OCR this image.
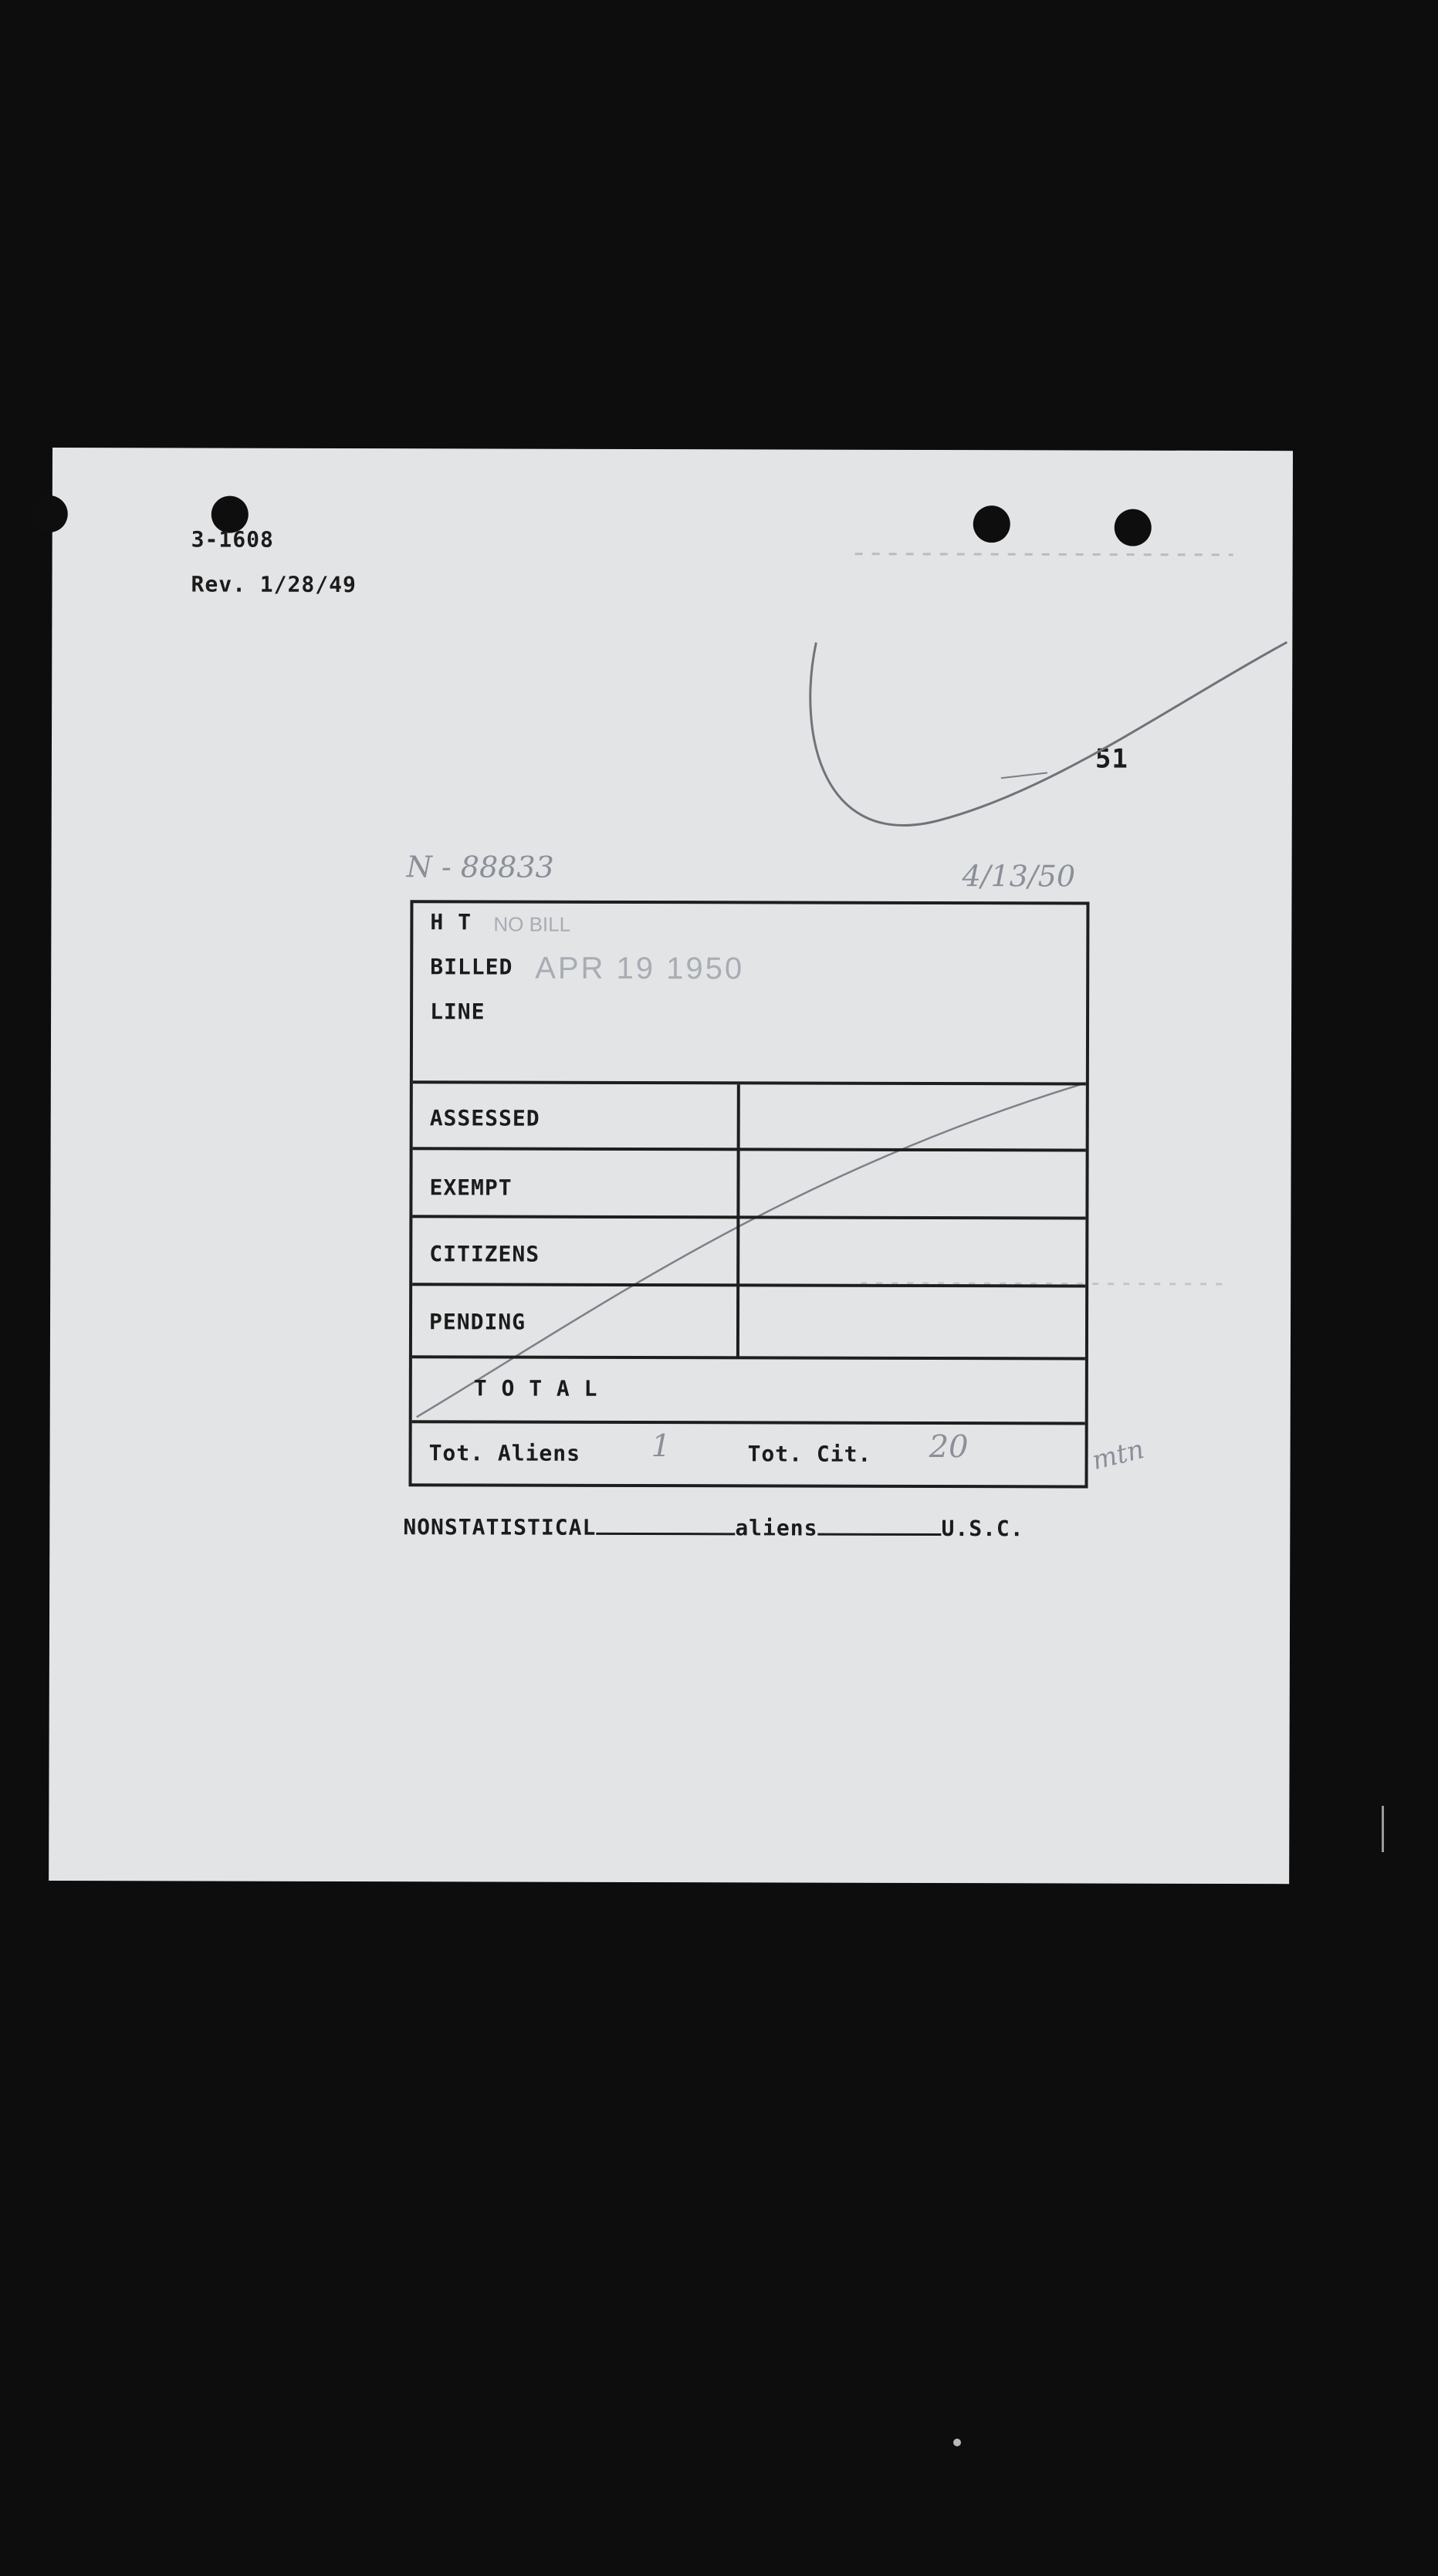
3-1608
Rev. 1/28/49
51
N - 88833	4/13/50
H T NO BILL
BILLED APR 19 1950
LINE
ASSESSED
EXEMPT
CITIZENS
PENDING
T O T A L
Tot. Aliens 1	Tot. Cit. 20	mtn
NONSTATISTICAL	aliens	U.S.C.
